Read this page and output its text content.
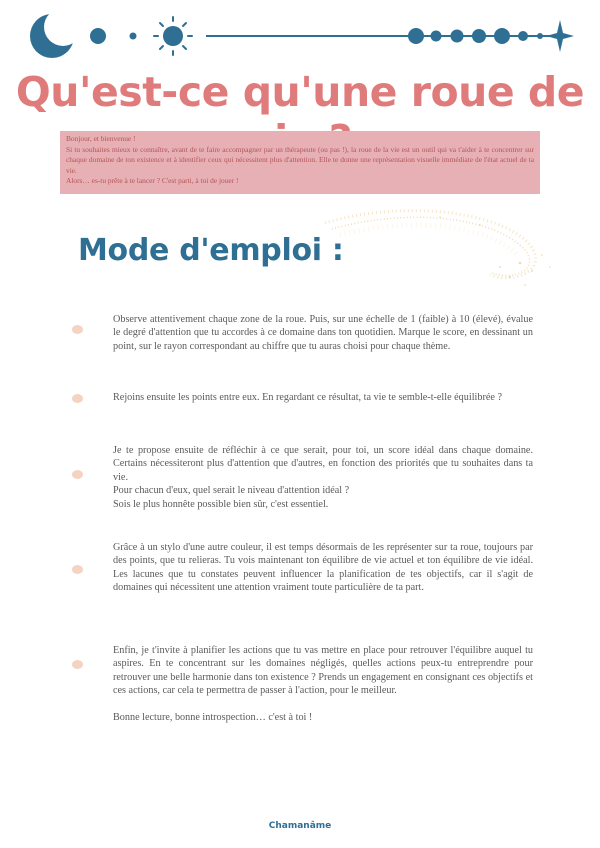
Qu'est-ce qu'une roue de

Bonjour, et bienvenue !

Si tu souhaites mieux te connaître, avant de te faire accompagner par un thérapeute (ou pas !), la roue de la vie est un outil qui va t'aider à te concentrer sur chaque domaine de ton existence et à identifier ceux qui nécessitent plus d'attention. Elle te donne une représentation visuelle immédiate de l'état actuel de ta vie.

Alors… es-tu prête à te lancer ? C'est parti, à toi de jouer !

Mode d'emploi :

Observe attentivement chaque zone de la roue. Puis, sur une échelle de 1 (faible) à 10 (élevé), évalue le degré d'attention que tu accordes à ce domaine dans ton quotidien. Marque le score, en dessinant un point, sur le rayon correspondant au chiffre que tu auras choisi pour chaque thème.

Rejoins ensuite les points entre eux. En regardant ce résultat, ta vie te semble-t-elle équilibrée ?

Je te propose ensuite de réfléchir à ce que serait, pour toi, un score idéal dans chaque domaine. Certains nécessiteront plus d'attention que d'autres, en fonction des priorités que tu souhaites dans ta vie.

Pour chacun d'eux, quel serait le niveau d'attention idéal ?

Sois le plus honnête possible bien sûr, c'est essentiel.

Grâce à un stylo d'une autre couleur, il est temps désormais de les représenter sur ta roue, toujours par des points, que tu relieras. Tu vois maintenant ton équilibre de vie actuel et ton équilibre de vie idéal. Les lacunes que tu constates peuvent influencer la planification de tes objectifs, car il s'agit de domaines qui nécessitent une attention vraiment toute particulière de ta part.

Enfin, je t'invite à planifier les actions que tu vas mettre en place pour retrouver l'équilibre auquel tu aspires. En te concentrant sur les domaines négligés, quelles actions peux-tu entreprendre pour retrouver une belle harmonie dans ton existence ? Prends un engagement en consignant ces objectifs et ces actions, car cela te permettra de passer à l'action, pour le meilleur.

Bonne lecture, bonne introspection… c'est à toi !

Chamanâme
